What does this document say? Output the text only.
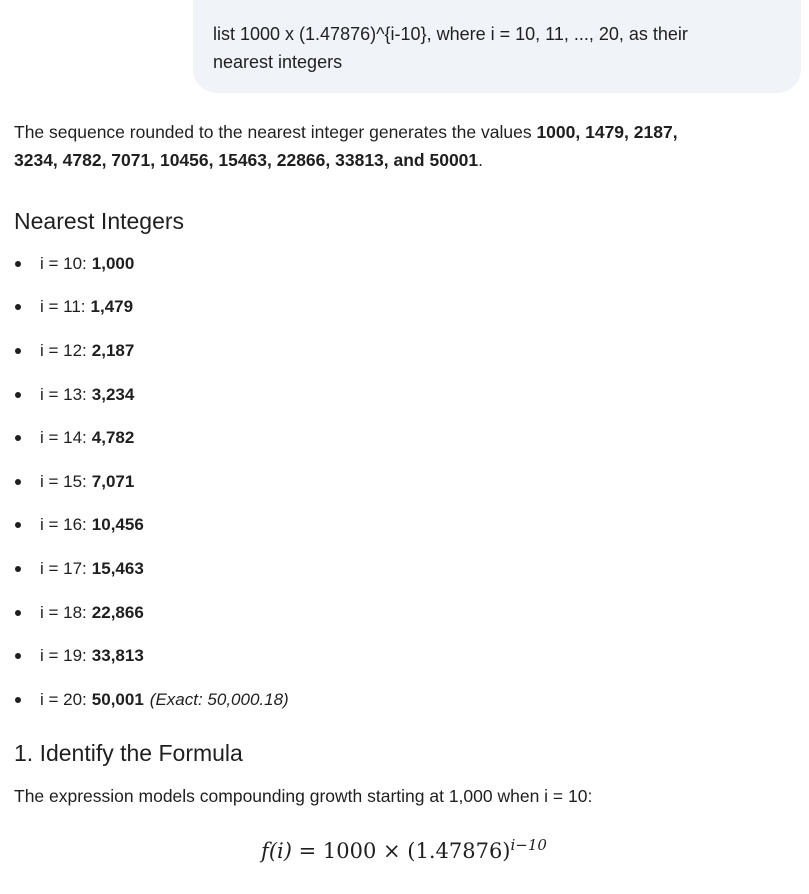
list 1000 x (1.47876)^{i-10}, where i = 10, 11, ..., 20, as their
nearest integers

The sequence rounded to the nearest integer generates the values 1000, 1479, 2187,
3234, 4782, 7071, 10456, 15463, 22866, 33813, and 50001.

Nearest Integers
i = 10: 1,000
i = 11: 1,479
i = 12: 2,187
i = 13: 3,234
i = 14: 4,782
i = 15: 7,071
i = 16: 10,456
i = 17: 15,463
i = 18: 22,866
i = 19: 33,813
i = 20: 50,001 (Exact: 50,000.18)
1. Identify the Formula

The expression models compounding growth starting at 1,000 when i = 10:

$f(i) = 1000 \times (1.47876)^{i-10}$
